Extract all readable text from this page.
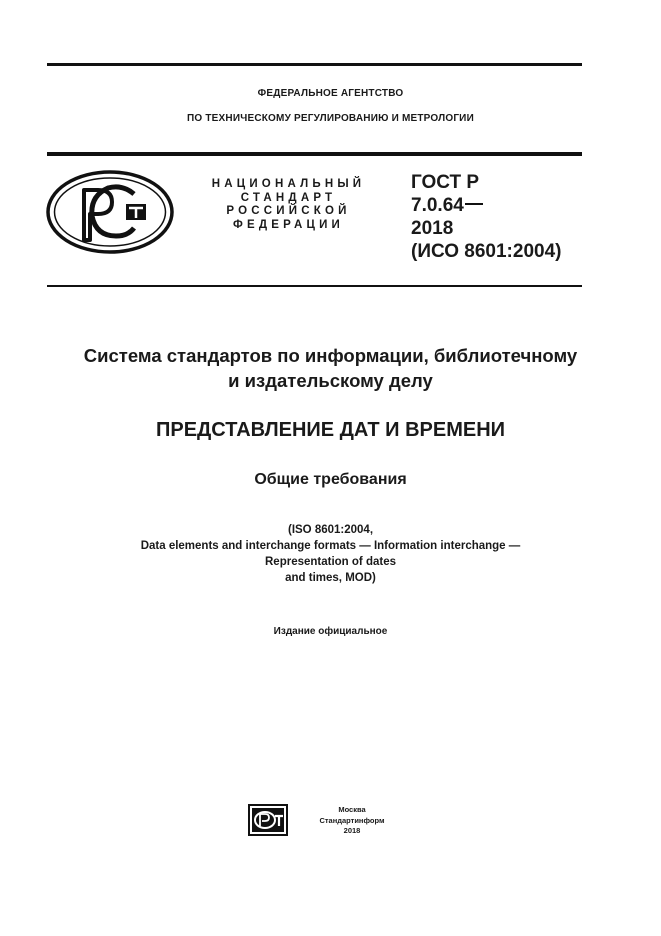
ФЕДЕРАЛЬНОЕ АГЕНТСТВО
ПО ТЕХНИЧЕСКОМУ РЕГУЛИРОВАНИЮ И МЕТРОЛОГИИ
НАЦИОНАЛЬНЫЙ
СТАНДАРТ
РОССИЙСКОЙ
ФЕДЕРАЦИИ
ГОСТ Р
7.0.64
2018
(ИСО 8601:2004)
Система стандартов по информации, библиотечному
и издательскому делу
ПРЕДСТАВЛЕНИЕ ДАТ И ВРЕМЕНИ
Общие требования
(ISO 8601:2004,
Data elements and interchange formats — Information interchange —
Representation of dates
and times, MOD)
Издание официальное
Москва
Стандартинформ
2018
